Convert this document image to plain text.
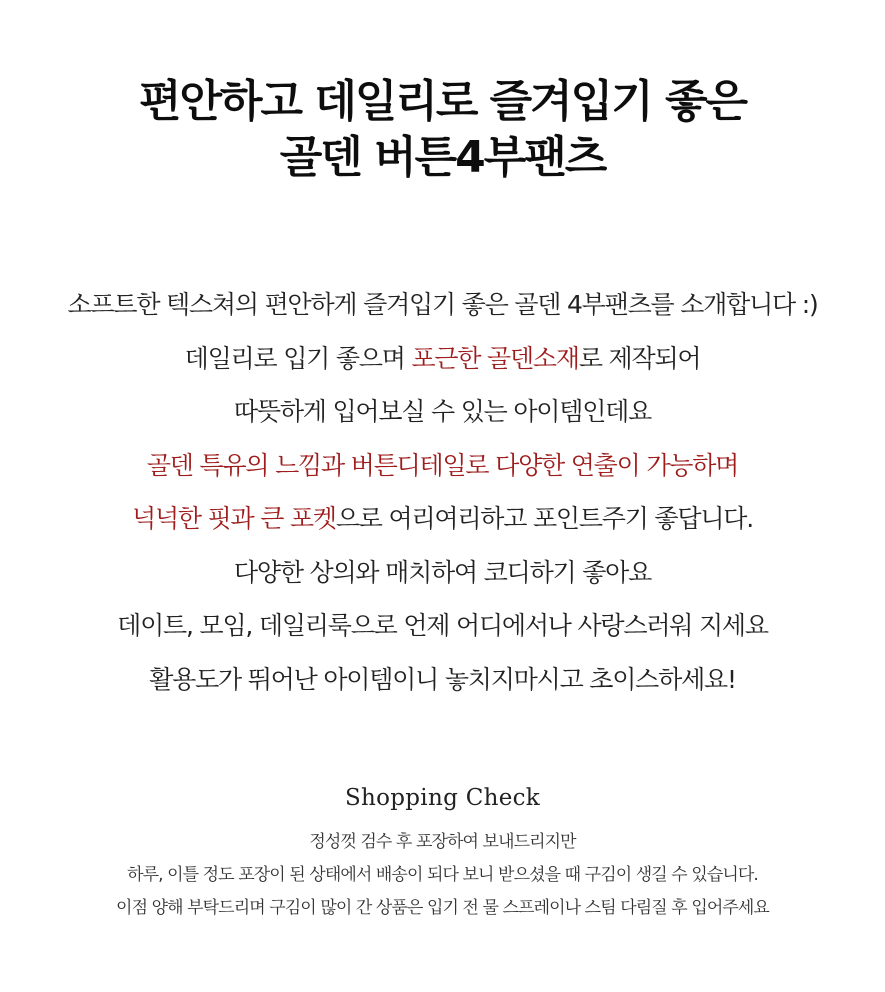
편안하고 데일리로 즐겨입기 좋은
골덴 버튼4부팬츠
소프트한 텍스쳐의 편안하게 즐겨입기 좋은 골덴 4부팬츠를 소개합니다 :)
데일리로 입기 좋으며 포근한 골덴소재로 제작되어
따뜻하게 입어보실 수 있는 아이템인데요
골덴 특유의 느낌과 버튼디테일로 다양한 연출이 가능하며
넉넉한 핏과 큰 포켓으로 여리여리하고 포인트주기 좋답니다.
다양한 상의와 매치하여 코디하기 좋아요
데이트, 모임, 데일리룩으로 언제 어디에서나 사랑스러워 지세요
활용도가 뛰어난 아이템이니 놓치지마시고 초이스하세요!
Shopping Check
정성껏 검수 후 포장하여 보내드리지만
하루, 이틀 정도 포장이 된 상태에서 배송이 되다 보니 받으셨을 때 구김이 생길 수 있습니다.
이점 양해 부탁드리며 구김이 많이 간 상품은 입기 전 물 스프레이나 스팀 다림질 후 입어주세요
